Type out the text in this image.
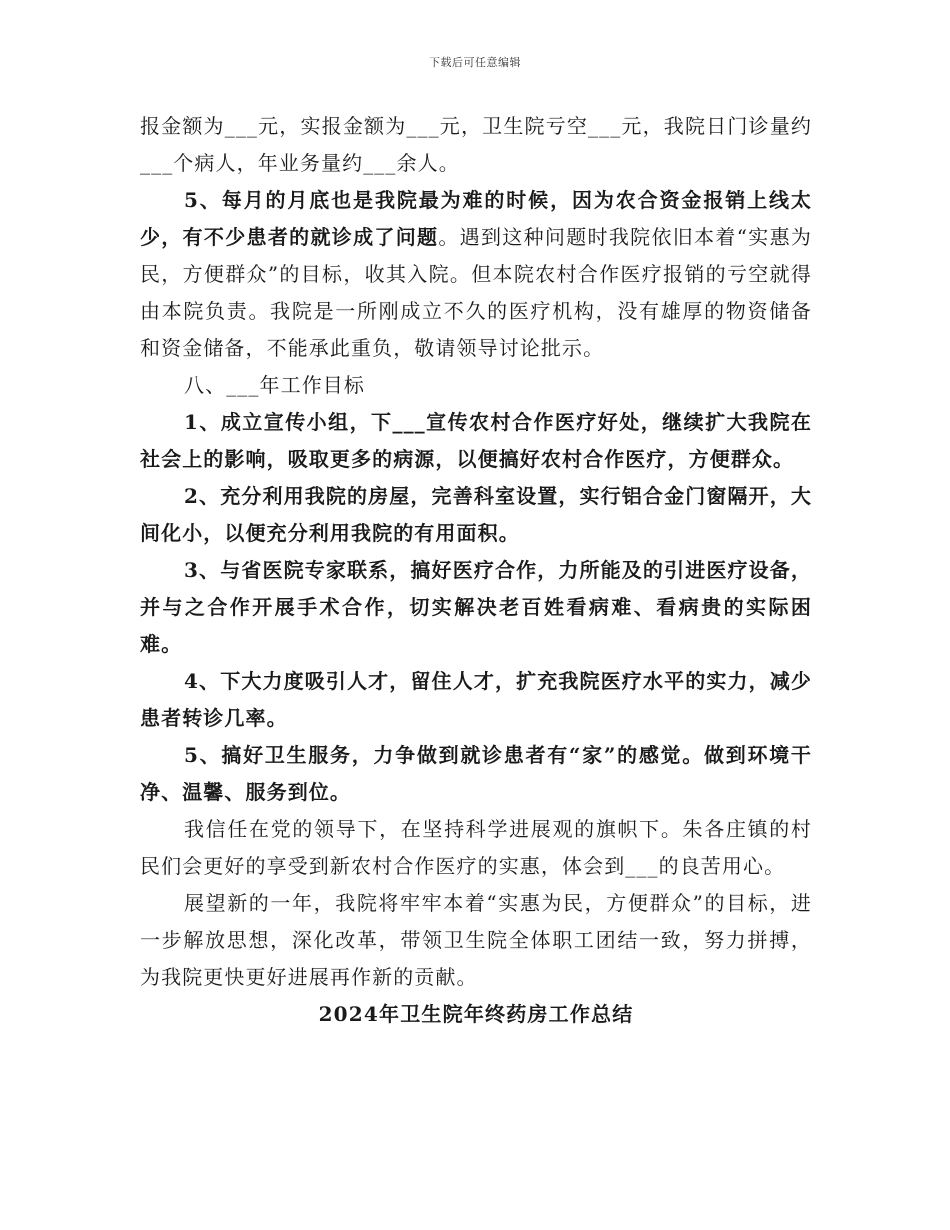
下载后可任意编辑

报金额为___元，实报金额为___元，卫生院亏空___元，我院日门诊量约___个病人，年业务量约___余人。

5、每月的月底也是我院最为难的时候，因为农合资金报销上线太少，有不少患者的就诊成了问题。遇到这种问题时我院依旧本着“实惠为民，方便群众”的目标，收其入院。但本院农村合作医疗报销的亏空就得由本院负责。我院是一所刚成立不久的医疗机构，没有雄厚的物资储备和资金储备，不能承此重负，敬请领导讨论批示。

八、___年工作目标

1、成立宣传小组，下___宣传农村合作医疗好处，继续扩大我院在社会上的影响，吸取更多的病源，以便搞好农村合作医疗，方便群众。

2、充分利用我院的房屋，完善科室设置，实行铝合金门窗隔开，大间化小，以便充分利用我院的有用面积。

3、与省医院专家联系，搞好医疗合作，力所能及的引进医疗设备，并与之合作开展手术合作，切实解决老百姓看病难、看病贵的实际困难。

4、下大力度吸引人才，留住人才，扩充我院医疗水平的实力，减少患者转诊几率。

5、搞好卫生服务，力争做到就诊患者有“家”的感觉。做到环境干净、温馨、服务到位。

我信任在党的领导下，在坚持科学进展观的旗帜下。朱各庄镇的村民们会更好的享受到新农村合作医疗的实惠，体会到___的良苦用心。

展望新的一年，我院将牢牢本着“实惠为民，方便群众”的目标，进一步解放思想，深化改革，带领卫生院全体职工团结一致，努力拼搏，为我院更快更好进展再作新的贡献。

2024年卫生院年终药房工作总结
